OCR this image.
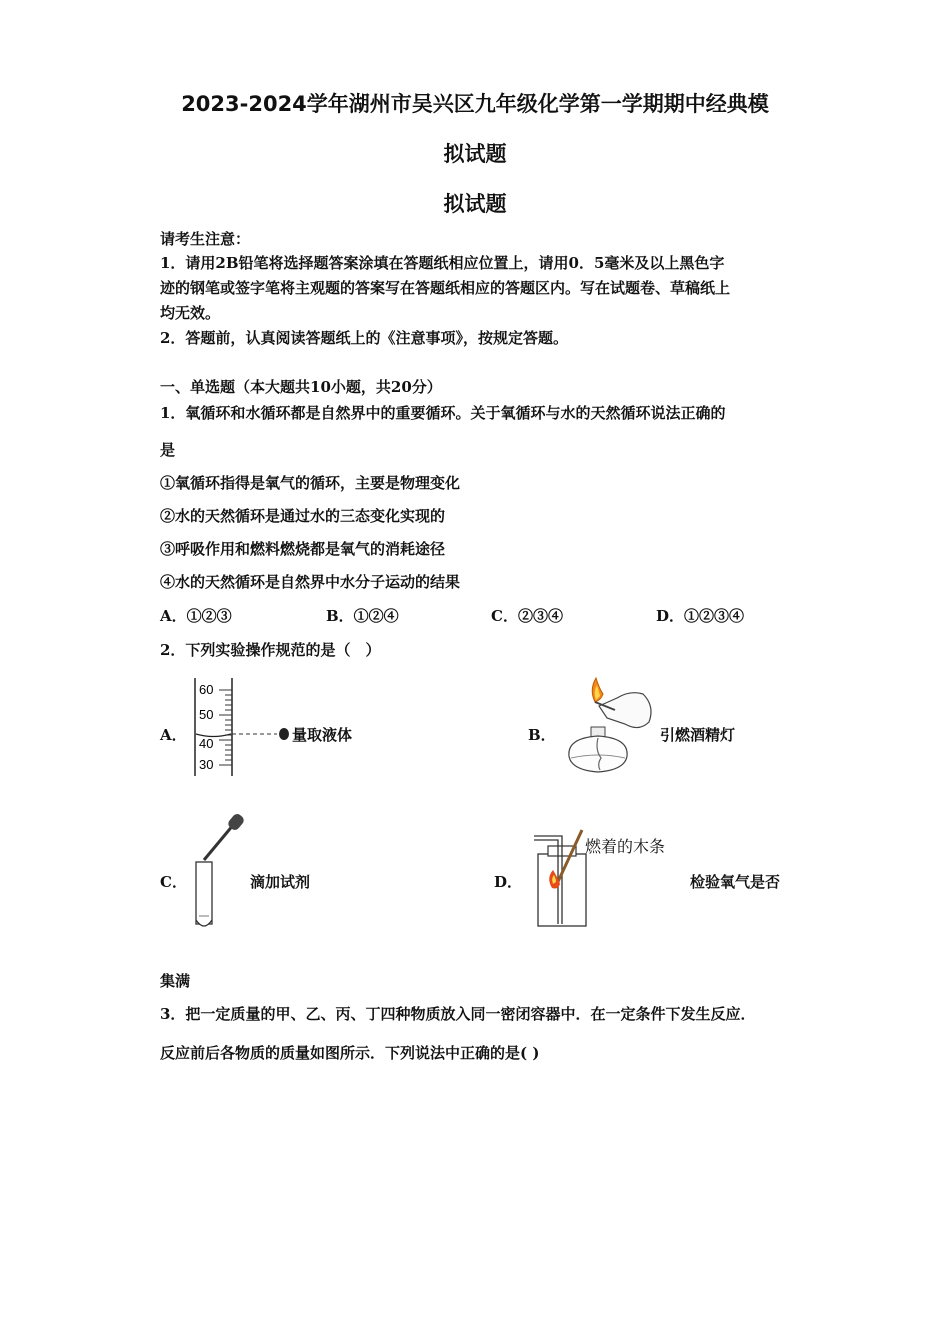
2023-2024学年湖州市吴兴区九年级化学第一学期期中经典模
拟试题
拟试题
请考生注意：
1．请用2B铅笔将选择题答案涂填在答题纸相应位置上，请用0．5毫米及以上黑色字
迹的钢笔或签字笔将主观题的答案写在答题纸相应的答题区内。写在试题卷、草稿纸上
均无效。
2．答题前，认真阅读答题纸上的《注意事项》，按规定答题。
一、单选题（本大题共10小题，共20分）
1．氧循环和水循环都是自然界中的重要循环。关于氧循环与水的天然循环说法正确的
是
①氧循环指得是氧气的循环，主要是物理变化
②水的天然循环是通过水的三态变化实现的
③呼吸作用和燃料燃烧都是氧气的消耗途径
④水的天然循环是自然界中水分子运动的结果
A．①②③	B．①②④	C．②③④	D．①②③④
2．下列实验操作规范的是（　）
A．
60
50
40
30
量取液体	B．	引燃酒精灯
C．	滴加试剂	D．
燃着的木条
检验氧气是否
集满
3．把一定质量的甲、乙、丙、丁四种物质放入同一密闭容器中．在一定条件下发生反应．
反应前后各物质的质量如图所示．下列说法中正确的是( )
